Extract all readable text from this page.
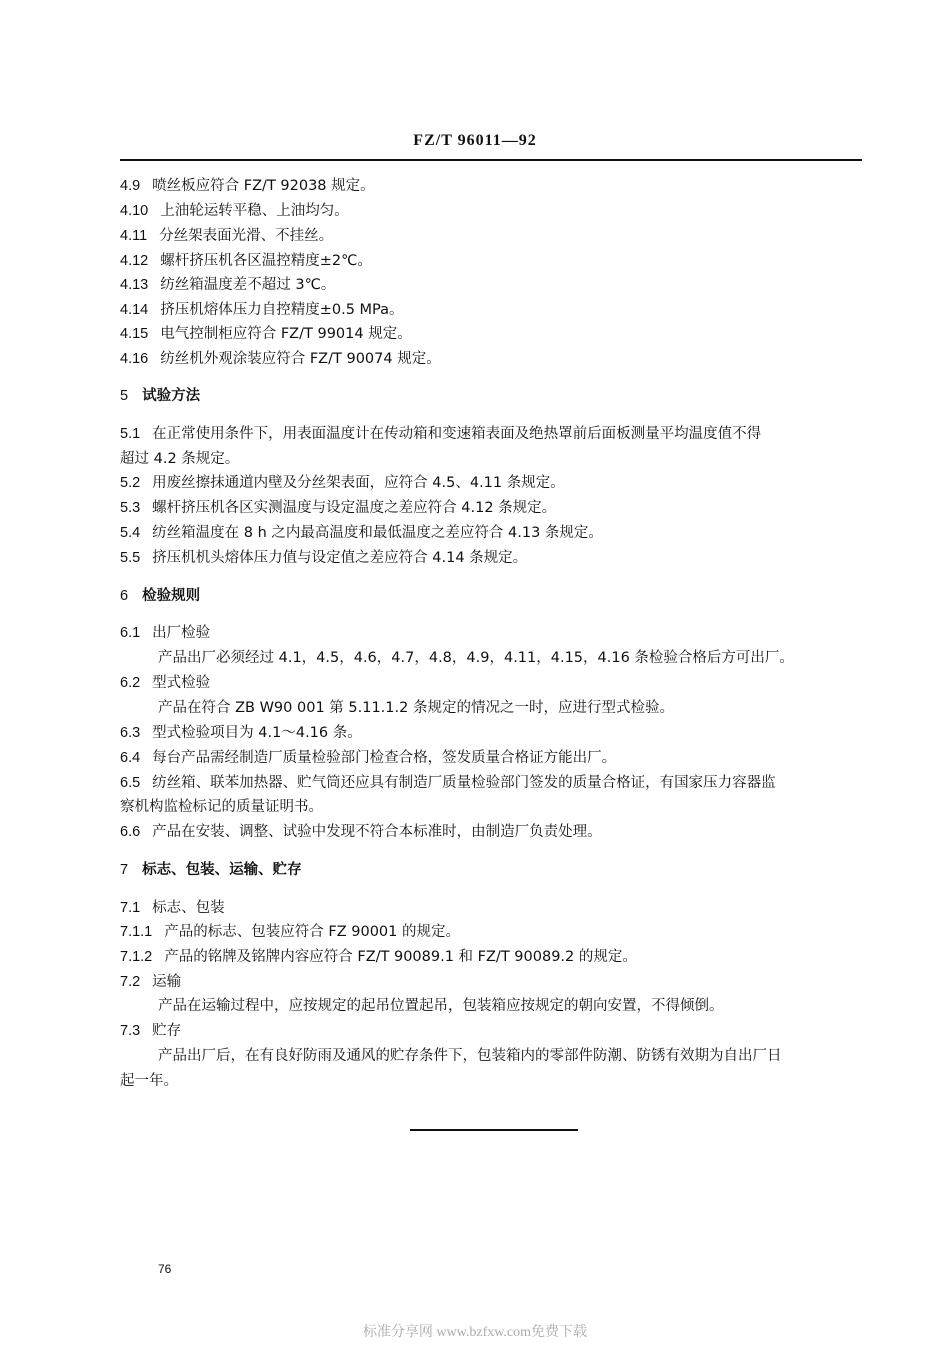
FZ/T 96011—92
4.9 喷丝板应符合 FZ/T 92038 规定。
4.10 上油轮运转平稳、上油均匀。
4.11 分丝架表面光滑、不挂丝。
4.12 螺杆挤压机各区温控精度±2℃。
4.13 纺丝箱温度差不超过 3℃。
4.14 挤压机熔体压力自控精度±0.5 MPa。
4.15 电气控制柜应符合 FZ/T 99014 规定。
4.16 纺丝机外观涂装应符合 FZ/T 90074 规定。
5 试验方法
5.1 在正常使用条件下，用表面温度计在传动箱和变速箱表面及绝热罩前后面板测量平均温度值不得
超过 4.2 条规定。
5.2 用废丝擦抹通道内壁及分丝架表面，应符合 4.5、4.11 条规定。
5.3 螺杆挤压机各区实测温度与设定温度之差应符合 4.12 条规定。
5.4 纺丝箱温度在 8 h 之内最高温度和最低温度之差应符合 4.13 条规定。
5.5 挤压机机头熔体压力值与设定值之差应符合 4.14 条规定。
6 检验规则
6.1 出厂检验
产品出厂必须经过 4.1，4.5，4.6，4.7，4.8，4.9，4.11，4.15，4.16 条检验合格后方可出厂。
6.2 型式检验
产品在符合 ZB W90 001 第 5.11.1.2 条规定的情况之一时，应进行型式检验。
6.3 型式检验项目为 4.1～4.16 条。
6.4 每台产品需经制造厂质量检验部门检查合格，签发质量合格证方能出厂。
6.5 纺丝箱、联苯加热器、贮气筒还应具有制造厂质量检验部门签发的质量合格证，有国家压力容器监
察机构监检标记的质量证明书。
6.6 产品在安装、调整、试验中发现不符合本标准时，由制造厂负责处理。
7 标志、包装、运输、贮存
7.1 标志、包装
7.1.1 产品的标志、包装应符合 FZ 90001 的规定。
7.1.2 产品的铭牌及铭牌内容应符合 FZ/T 90089.1 和 FZ/T 90089.2 的规定。
7.2 运输
产品在运输过程中，应按规定的起吊位置起吊，包装箱应按规定的朝向安置，不得倾倒。
7.3 贮存
产品出厂后，在有良好防雨及通风的贮存条件下，包装箱内的零部件防潮、防锈有效期为自出厂日
起一年。
76
标准分享网 www.bzfxw.com免费下载
